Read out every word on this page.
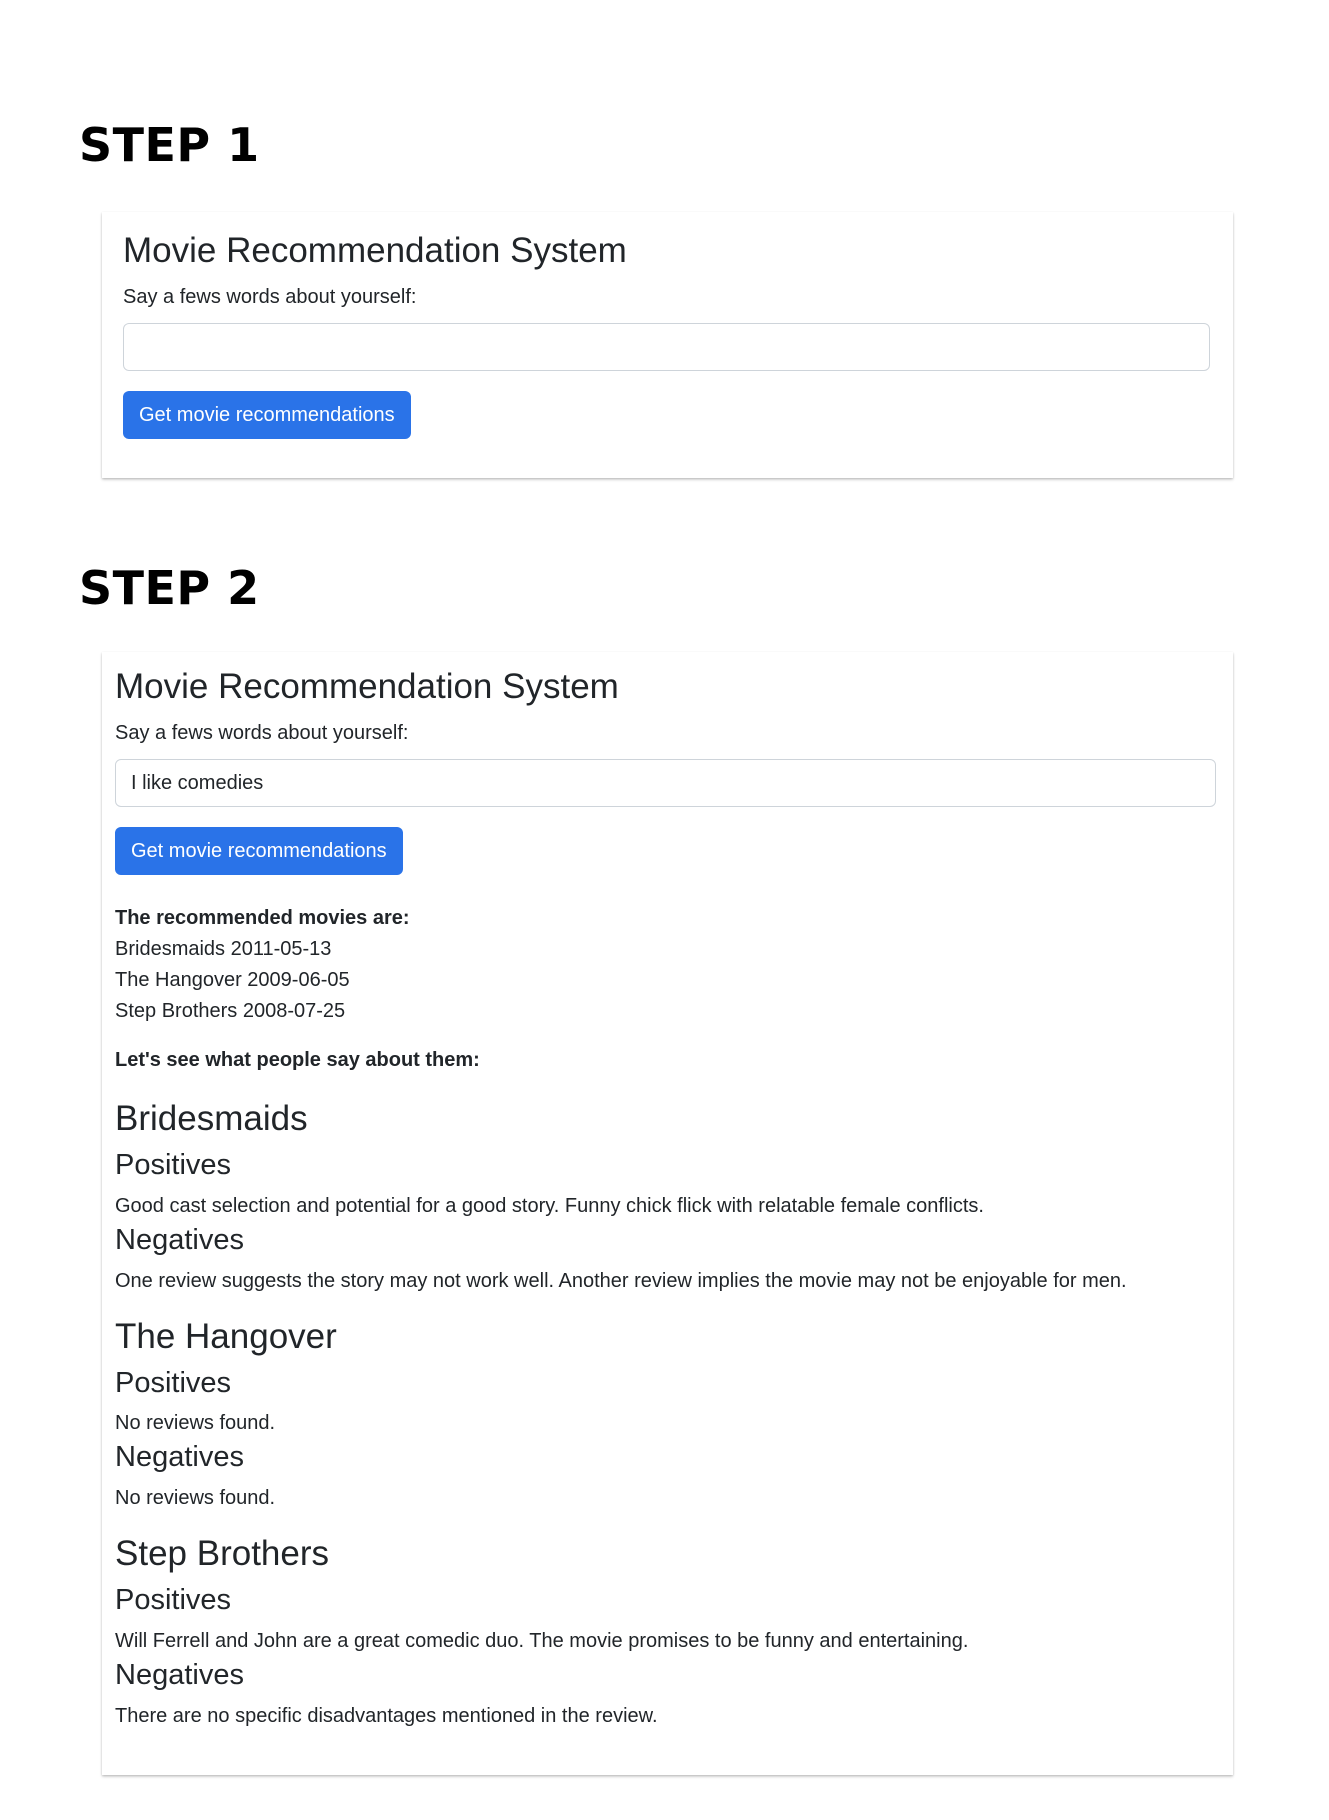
STEP 1
Movie Recommendation System
Say a fews words about yourself:
Get movie recommendations
STEP 2
Movie Recommendation System
Say a fews words about yourself:
I like comedies Get movie recommendations

The recommended movies are:

Bridesmaids 2011-05-13
The Hangover 2009-06-05
Step Brothers 2008-07-25

Let's see what people say about them:

Bridesmaids
Positives

Good cast selection and potential for a good story. Funny chick flick with relatable female conflicts.

Negatives

One review suggests the story may not work well. Another review implies the movie may not be enjoyable for men.

The Hangover
Positives

No reviews found.

Negatives

No reviews found.

Step Brothers
Positives

Will Ferrell and John are a great comedic duo. The movie promises to be funny and entertaining.

Negatives

There are no specific disadvantages mentioned in the review.
